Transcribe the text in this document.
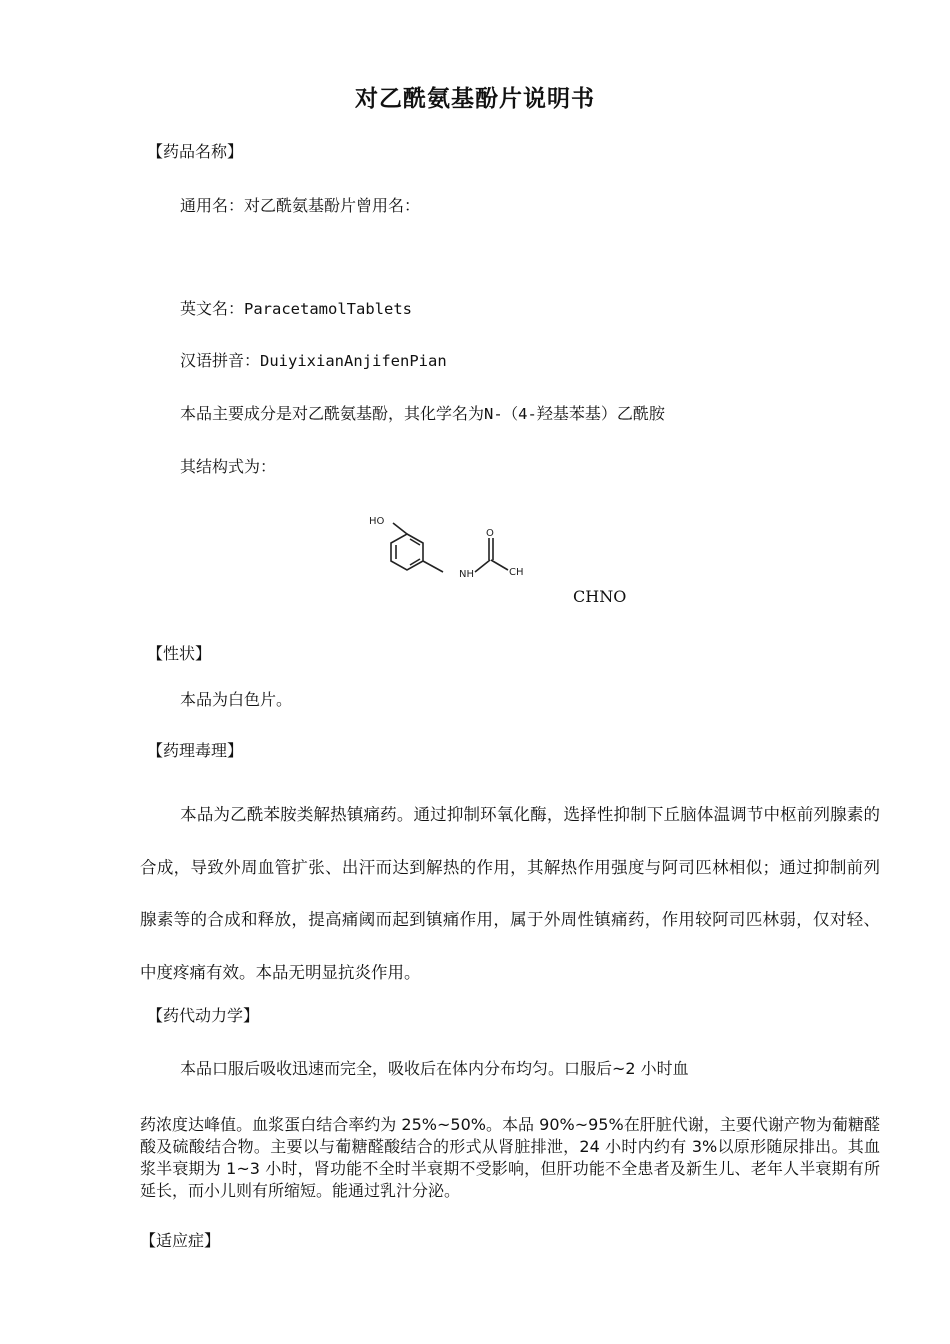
对乙酰氨基酚片说明书
【药品名称】
通用名：对乙酰氨基酚片曾用名：
英文名：ParacetamolTablets
汉语拼音：DuiyixianAnjifenPian
本品主要成分是对乙酰氨基酚，其化学名为N-（4-羟基苯基）乙酰胺
其结构式为：
HO
NH
O
CH
CHNO
【性状】
本品为白色片。
【药理毒理】

本品为乙酰苯胺类解热镇痛药。通过抑制环氧化酶，选择性抑制下丘脑体温调节中枢前列腺素的合成，导致外周血管扩张、出汗而达到解热的作用，其解热作用强度与阿司匹林相似；通过抑制前列腺素等的合成和释放，提高痛阈而起到镇痛作用，属于外周性镇痛药，作用较阿司匹林弱，仅对轻、中度疼痛有效。本品无明显抗炎作用。

【药代动力学】
本品口服后吸收迅速而完全，吸收后在体内分布均匀。口服后~2 小时血

药浓度达峰值。血浆蛋白结合率约为 25%~50%。本品 90%~95%在肝脏代谢，主要代谢产物为葡糖醛酸及硫酸结合物。主要以与葡糖醛酸结合的形式从肾脏排泄，24 小时内约有 3%以原形随尿排出。其血浆半衰期为 1~3 小时，肾功能不全时半衰期不受影响，但肝功能不全患者及新生儿、老年人半衰期有所延长，而小儿则有所缩短。能通过乳汁分泌。

【适应症】
